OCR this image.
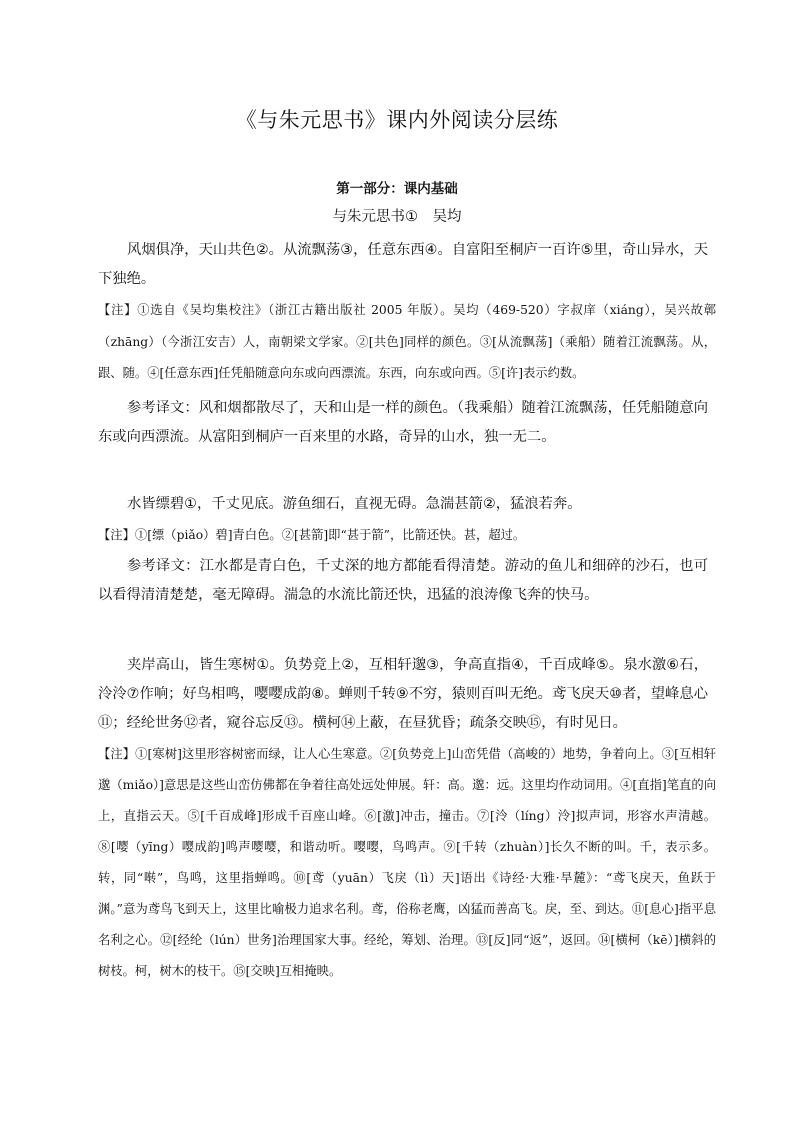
《与朱元思书》课内外阅读分层练
第一部分：课内基础
与朱元思书①　吴均
风烟俱净，天山共色②。从流飘荡③，任意东西④。自富阳至桐庐一百许⑤里，奇山异水，天下独绝。
【注】①选自《吴均集校注》（浙江古籍出版社 2005 年版）。吴均（469-520）字叔庠（xiáng），吴兴故鄣（zhāng）（今浙江安吉）人，南朝梁文学家。②[共色]同样的颜色。③[从流飘荡]（乘船）随着江流飘荡。从，跟、随。④[任意东西]任凭船随意向东或向西漂流。东西，向东或向西。⑤[许]表示约数。
参考译文：风和烟都散尽了，天和山是一样的颜色。（我乘船）随着江流飘荡，任凭船随意向东或向西漂流。从富阳到桐庐一百来里的水路，奇异的山水，独一无二。
水皆缥碧①，千丈见底。游鱼细石，直视无碍。急湍甚箭②，猛浪若奔。
【注】①[缥（piǎo）碧]青白色。②[甚箭]即“甚于箭”，比箭还快。甚，超过。
参考译文：江水都是青白色，千丈深的地方都能看得清楚。游动的鱼儿和细碎的沙石，也可以看得清清楚楚，毫无障碍。湍急的水流比箭还快，迅猛的浪涛像飞奔的快马。
夹岸高山，皆生寒树①。负势竞上②，互相轩邈③，争高直指④，千百成峰⑤。泉水激⑥石，泠泠⑦作响；好鸟相鸣，嘤嘤成韵⑧。蝉则千转⑨不穷，猿则百叫无绝。鸢飞戾天⑩者，望峰息心⑪；经纶世务⑫者，窥谷忘反⑬。横柯⑭上蔽，在昼犹昏；疏条交映⑮，有时见日。
【注】①[寒树]这里形容树密而绿，让人心生寒意。②[负势竞上]山峦凭借（高峻的）地势，争着向上。③[互相轩邈（miǎo）]意思是这些山峦仿佛都在争着往高处远处伸展。轩：高。邈：远。这里均作动词用。④[直指]笔直的向上，直指云天。⑤[千百成峰]形成千百座山峰。⑥[激]冲击，撞击。⑦[泠（líng）泠]拟声词，形容水声清越。⑧[嘤（yīng）嘤成韵]鸣声嘤嘤，和谐动听。嘤嘤，鸟鸣声。⑨[千转（zhuàn）]长久不断的叫。千，表示多。转，同“啭”，鸟鸣，这里指蝉鸣。⑩[鸢（yuān）飞戾（lì）天]语出《诗经·大雅·旱麓》：“鸢飞戾天，鱼跃于渊。”意为鸢鸟飞到天上，这里比喻极力追求名利。鸢，俗称老鹰，凶猛而善高飞。戾，至、到达。⑪[息心]指平息名利之心。⑫[经纶（lún）世务]治理国家大事。经纶，筹划、治理。⑬[反]同“返”，返回。⑭[横柯（kē）]横斜的树枝。柯，树木的枝干。⑮[交映]互相掩映。
